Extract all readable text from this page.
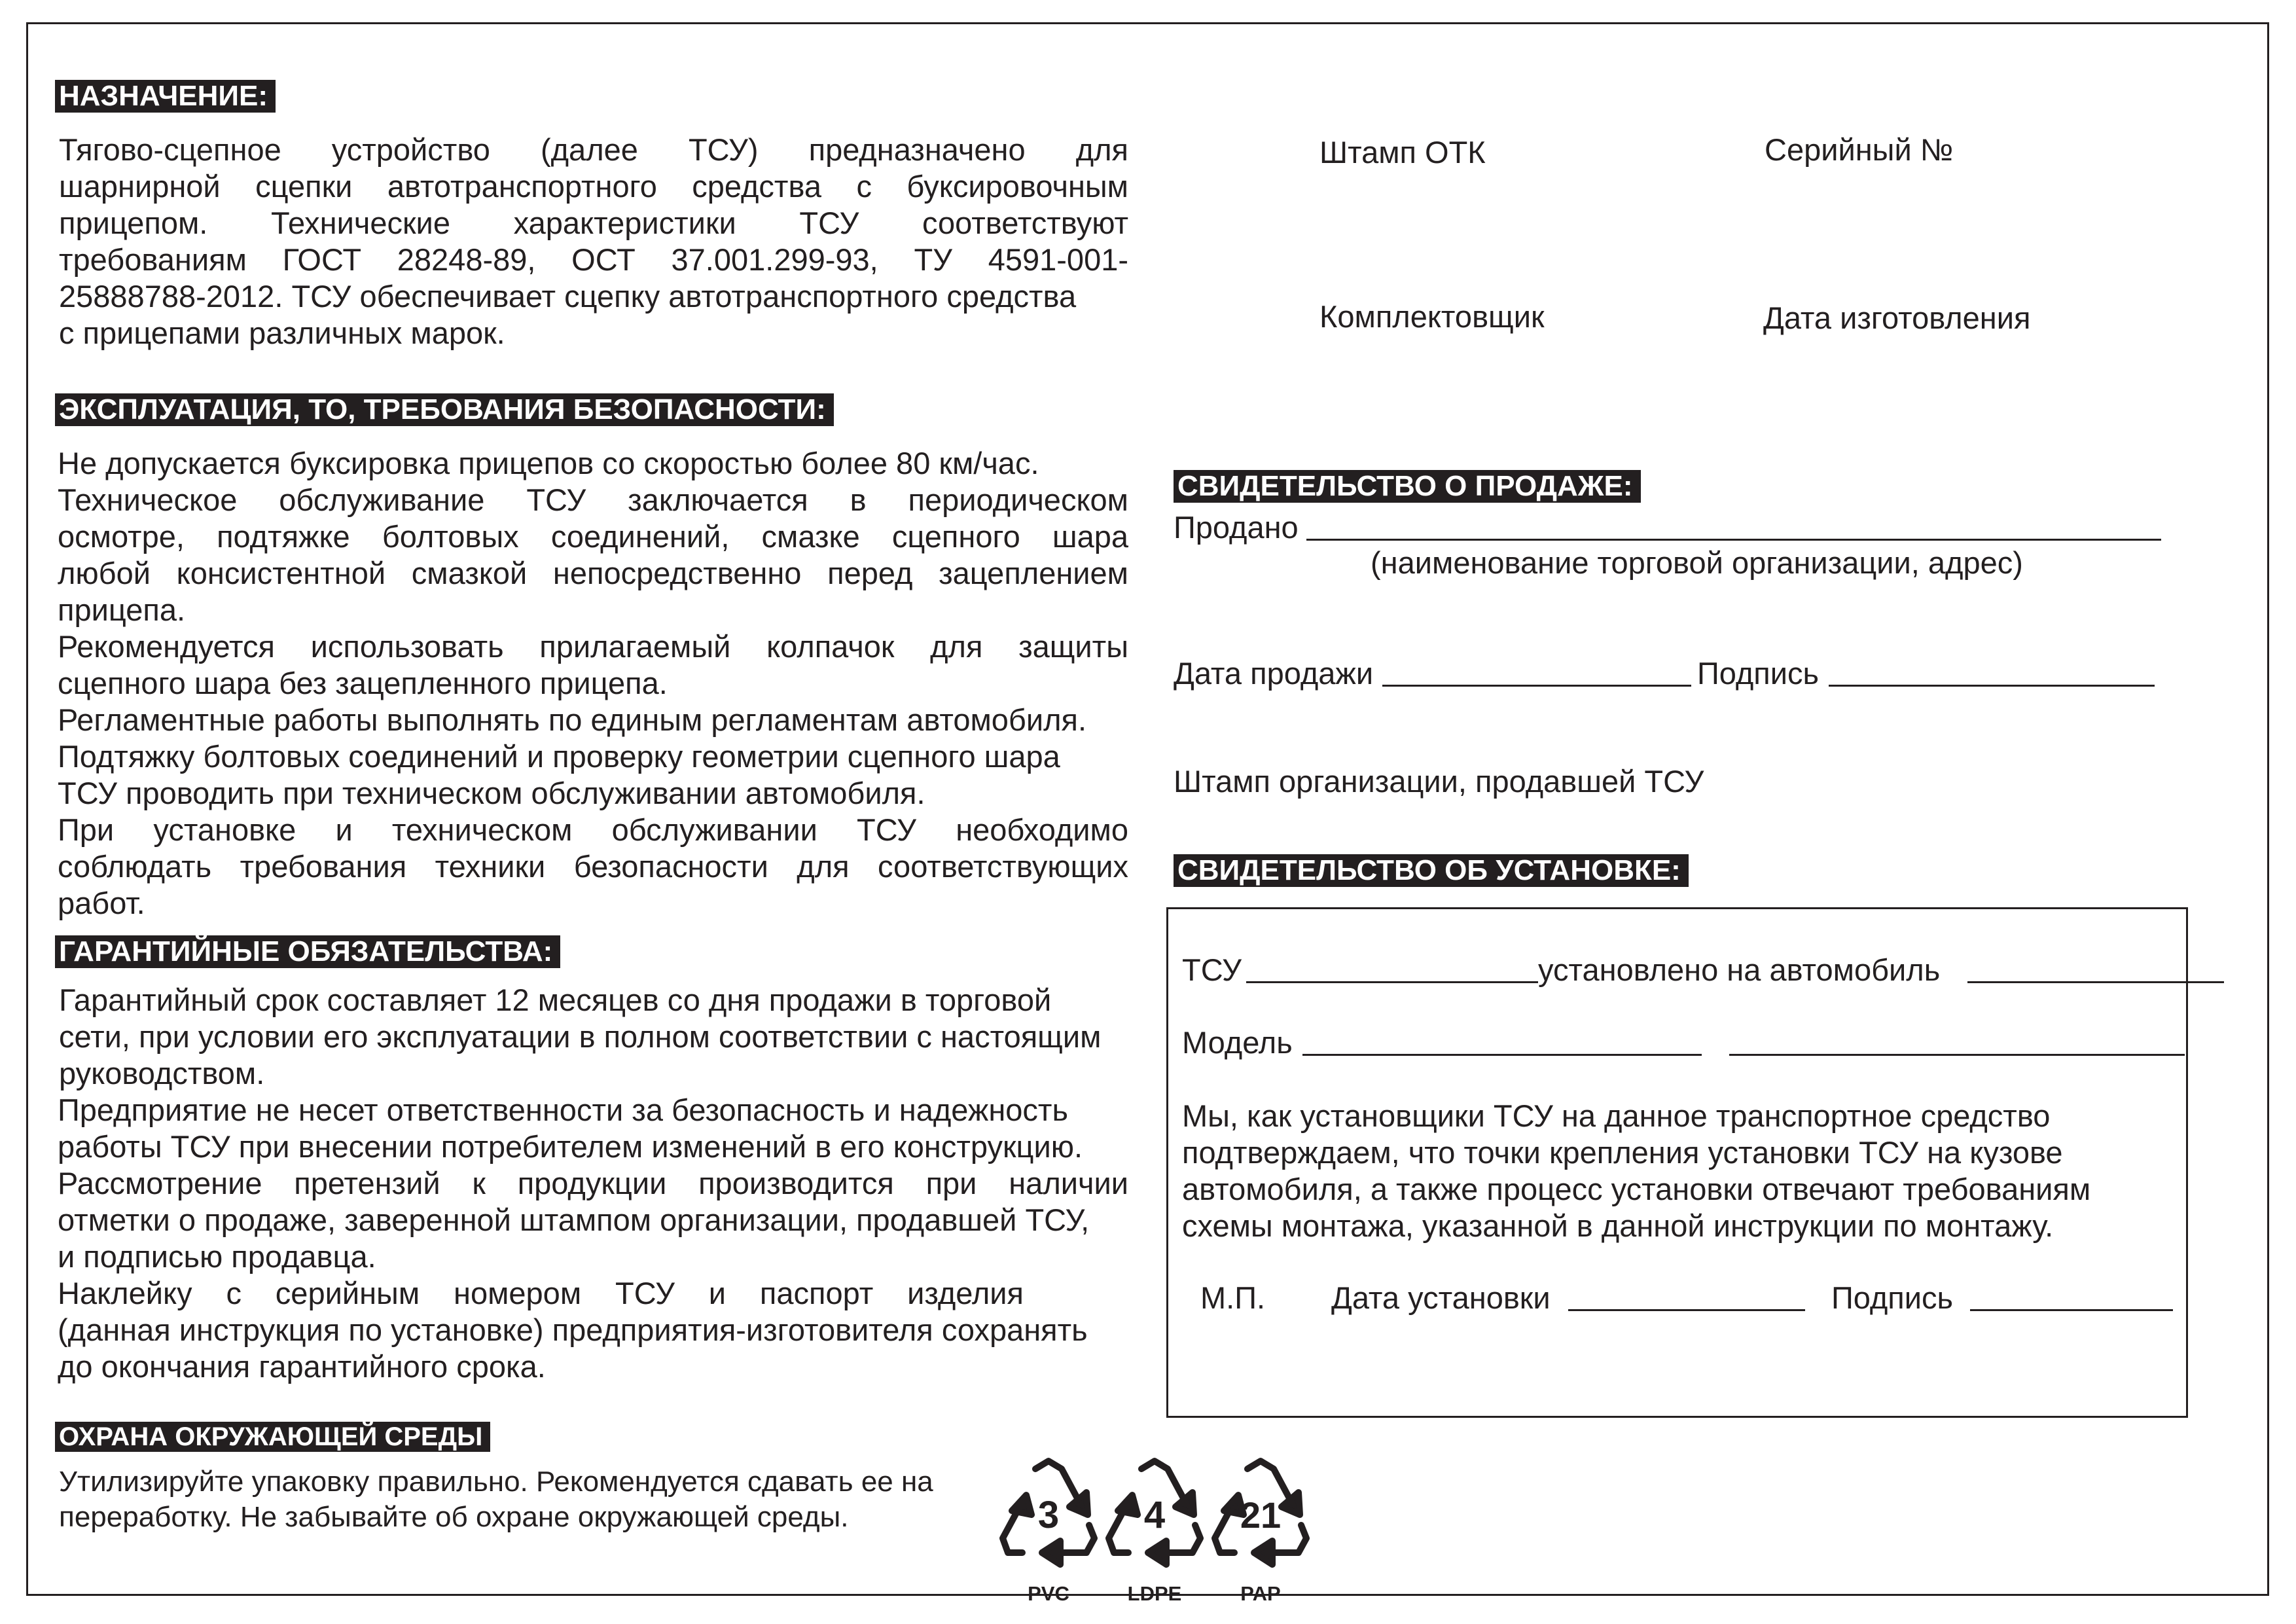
НАЗНАЧЕНИЕ:
Тягово-сцепное устройство (далее ТСУ) предназначено для
шарнирной сцепки автотранспортного средства с буксировочным
прицепом. Технические характеристики ТСУ соответствуют
требованиям ГОСТ 28248-89, ОСТ 37.001.299-93, ТУ 4591-001-
25888788-2012. ТСУ обеспечивает сцепку автотранспортного средства
с прицепами различных марок.
ЭКСПЛУАТАЦИЯ, ТО, ТРЕБОВАНИЯ БЕЗОПАСНОСТИ:
Не допускается буксировка прицепов со скоростью более 80 км/час.
Техническое обслуживание ТСУ заключается в периодическом
осмотре, подтяжке болтовых соединений, смазке сцепного шара
любой консистентной смазкой непосредственно перед зацеплением
прицепа.
Рекомендуется использовать прилагаемый колпачок для защиты
сцепного шара без зацепленного прицепа.
Регламентные работы выполнять по единым регламентам автомобиля.
Подтяжку болтовых соединений и проверку геометрии сцепного шара
ТСУ проводить при техническом обслуживании автомобиля.
При установке и техническом обслуживании ТСУ необходимо
соблюдать требования техники безопасности для соответствующих
работ.
ГАРАНТИЙНЫЕ ОБЯЗАТЕЛЬСТВА:
Гарантийный срок составляет 12 месяцев со дня продажи в торговой
сети, при условии его эксплуатации в полном соответствии с настоящим
руководством.
Предприятие не несет ответственности за безопасность и надежность
работы ТСУ при внесении потребителем изменений в его конструкцию.
Рассмотрение претензий к продукции производится при наличии
отметки о продаже, заверенной штампом организации, продавшей ТСУ,
и подписью продавца.
Наклейку с серийным номером ТСУ и паспорт изделия
(данная инструкция по установке) предприятия-изготовителя сохранять
до окончания гарантийного срока.
ОХРАНА ОКРУЖАЮЩЕЙ СРЕДЫ
Утилизируйте упаковку правильно. Рекомендуется сдавать ее на
переработку. Не забывайте об охране окружающей среды.	3
PVC
4
LDPE
21
PAP
Штамп ОТК	Серийный №
Комплектовщик	Дата изготовления
СВИДЕТЕЛЬСТВО О ПРОДАЖЕ:
Продано
(наименование торговой организации, адрес)
Дата продажи	Подпись
Штамп организации, продавшей ТСУ
СВИДЕТЕЛЬСТВО ОБ УСТАНОВКЕ:
ТСУ	установлено на автомобиль
Модель
Мы, как установщики ТСУ на данное транспортное средство
подтверждаем, что точки крепления установки ТСУ на кузове
автомобиля, а также процесс установки отвечают требованиям
схемы монтажа, указанной в данной инструкции по монтажу.
М.П. Дата установки	Подпись
